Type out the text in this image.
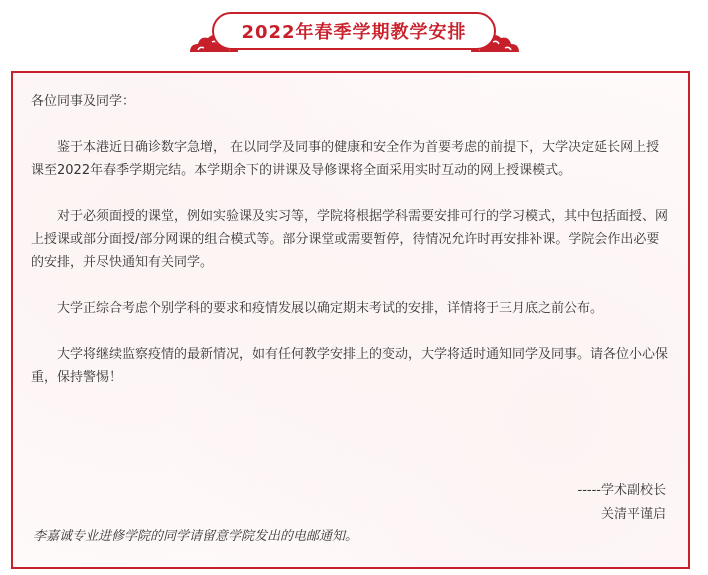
2022年春季学期教学安排

各位同事及同学：

鉴于本港近日确诊数字急增， 在以同学及同事的健康和安全作为首要考虑的前提下，大学决定延长网上授课至2022年春季学期完结。本学期余下的讲课及导修课将全面采用实时互动的网上授课模式。

对于必须面授的课堂，例如实验课及实习等，学院将根据学科需要安排可行的学习模式，其中包括面授、网上授课或部分面授/部分网课的组合模式等。部分课堂或需要暂停，待情况允许时再安排补课。学院会作出必要的安排，并尽快通知有关同学。

大学正综合考虑个别学科的要求和疫情发展以确定期末考试的安排，详情将于三月底之前公布。

大学将继续监察疫情的最新情况，如有任何教学安排上的变动，大学将适时通知同学及同事。请各位小心保重，保持警惕！

-----学术副校长
关清平谨启
李嘉诚专业进修学院的同学请留意学院发出的电邮通知。
